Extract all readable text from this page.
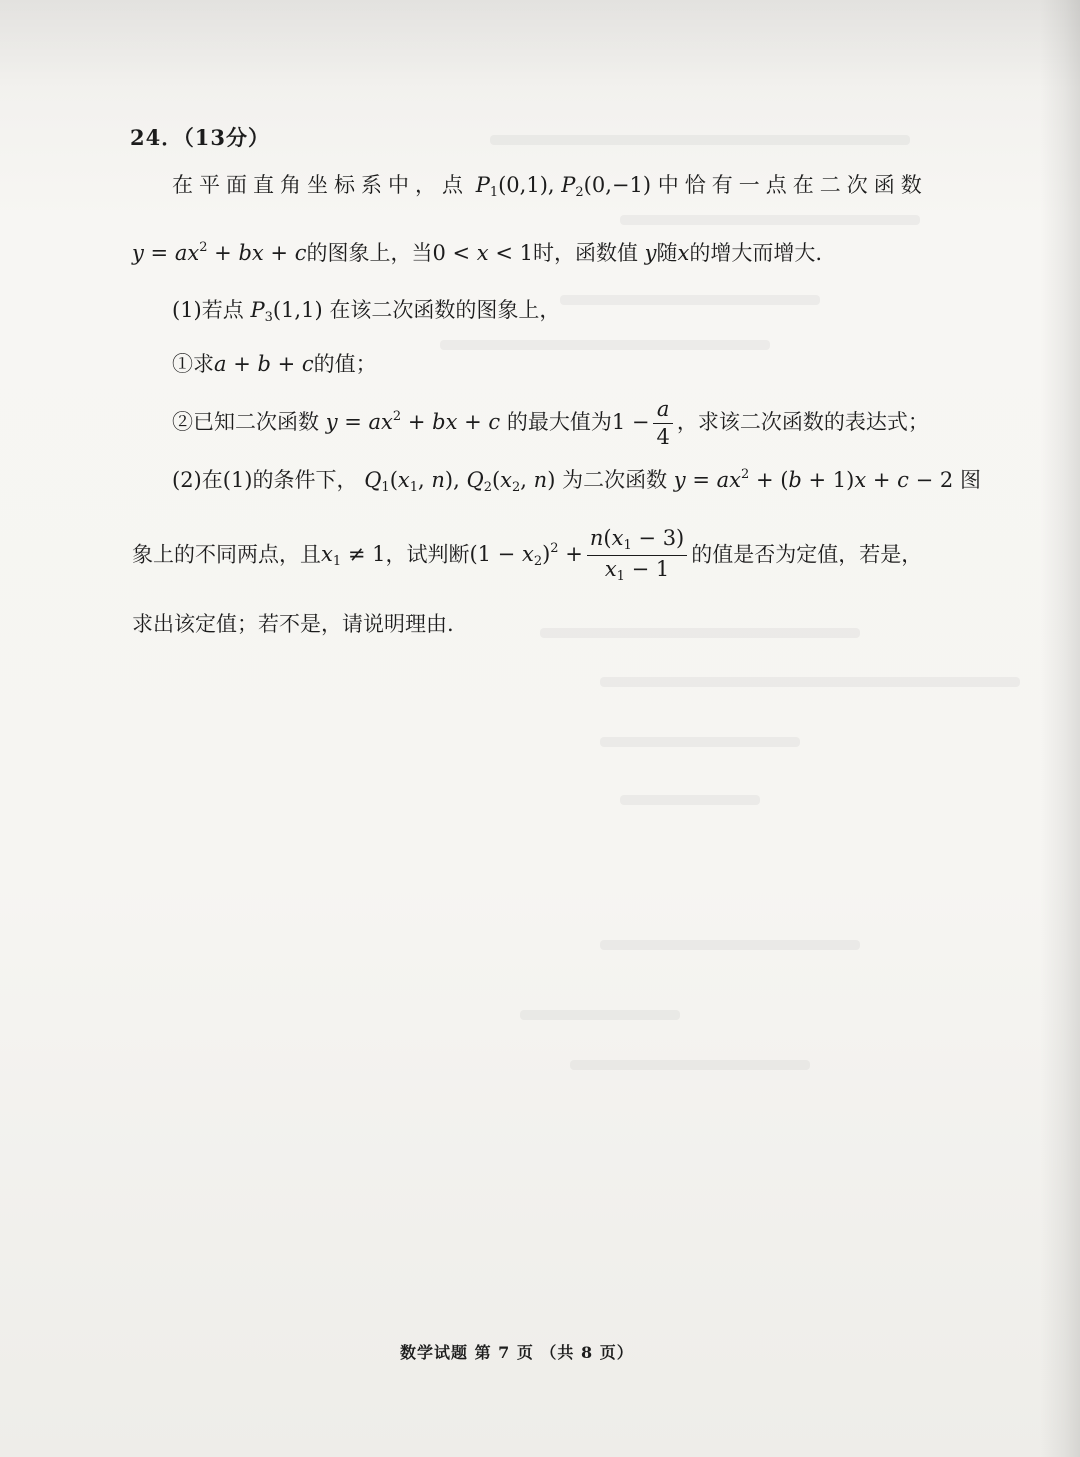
24．（13分）
在平面直角坐标系中，点 $P_1(0,1)$, $P_2(0,-1)$ 中恰有一点在二次函数
$y = ax^2$ + bx + c的图象上，当0 < x < 1时，函数值 y随x的增大而增大.
(1)若点 $P_3(1,1)$ 在该二次函数的图象上，
①求a + b + c的值；
②已知二次函数 $y = ax^2$ + bx + c 的最大值为$1 - \frac{a}{4}$ ，求该二次函数的表达式；
(2)在(1)的条件下， $Q_1(x_1$, n), $Q_2(x_2$, n) 为二次函数 $y = ax^2 + (b + 1)x + c - 2$ 图
象上的不同两点，且$x_1 \ne 1$，试判断$(1 - x_2)^2 + \frac{n(x_1 - 3)}{x_1 - 1}$ 的值是否为定值，若是，
求出该定值；若不是，请说明理由.
数学试题 第 7 页 （共 8 页）
